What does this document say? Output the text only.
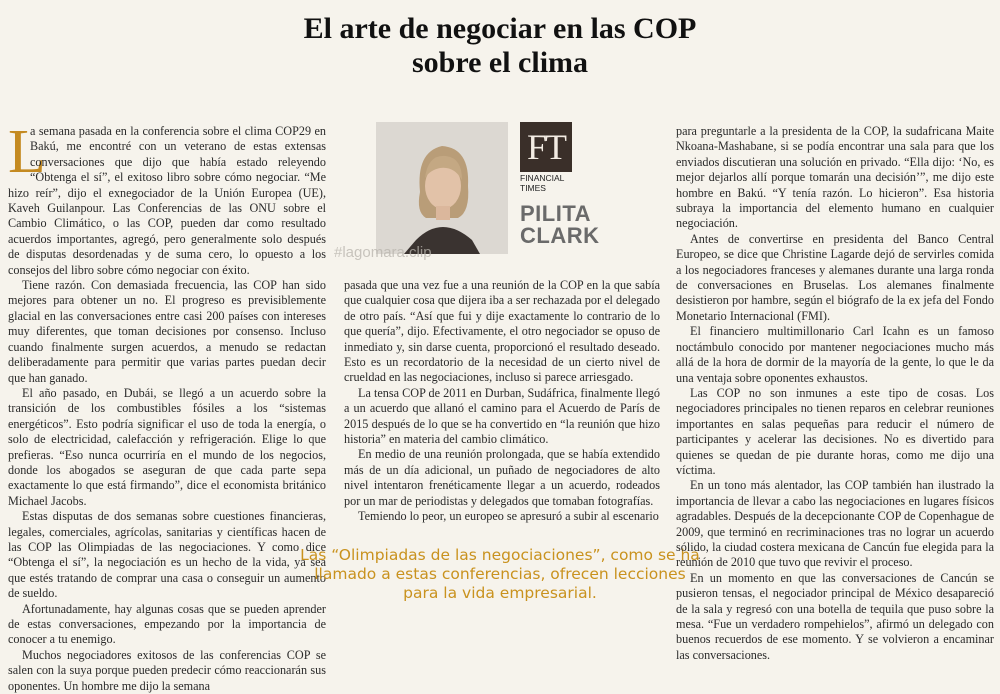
El arte de negociar en las COP
sobre el clima

L
a semana pasada en la conferencia sobre el clima COP29 en Bakú, me encontré con un veterano de estas extensas conversaciones que dijo que había estado releyendo “Obtenga el sí”, el exitoso libro sobre cómo negociar. “Me hizo reír”, dijo el exnegociador de la Unión Europea (UE), Kaveh Guilanpour. Las Conferencias de las ONU sobre el Cambio Climático, o las COP, pueden dar como resultado acuerdos importantes, agregó, pero generalmente solo después de disputas desordenadas y de suma cero, lo opuesto a los consejos del libro sobre cómo negociar con éxito.

Tiene razón. Con demasiada frecuencia, las COP han sido mejores para obtener un no. El progreso es previsiblemente glacial en las conversaciones entre casi 200 países con intereses muy diferentes, que toman decisiones por consenso. Incluso cuando finalmente surgen acuerdos, a menudo se redactan deliberadamente para permitir que varias partes puedan decir que han ganado.

El año pasado, en Dubái, se llegó a un acuerdo sobre la transición de los combustibles fósiles a los “sistemas energéticos”. Esto podría significar el uso de toda la energía, o solo de electricidad, calefacción y refrigeración. Elige lo que prefieras. “Eso nunca ocurriría en el mundo de los negocios, donde los abogados se aseguran de que cada parte sepa exactamente lo que está firmando”, dice el economista británico Michael Jacobs.

Estas disputas de dos semanas sobre cuestiones financieras, legales, comerciales, agrícolas, sanitarias y científicas hacen de las COP las Olimpiadas de las negociaciones. Y como dice “Obtenga el sí”, la negociación es un hecho de la vida, ya sea que estés tratando de comprar una casa o conseguir un aumento de sueldo.

Afortunadamente, hay algunas cosas que se pueden aprender de estas conversaciones, empezando por la importancia de conocer a tu enemigo.

Muchos negociadores exitosos de las conferencias COP se salen con la suya porque pueden predecir cómo reaccionarán sus oponentes. Un hombre me dijo la semana

FT
FINANCIAL
TIMES
PILITA
CLARK
#lagomara.clip

pasada que una vez fue a una reunión de la COP en la que sabía que cualquier cosa que dijera iba a ser rechazada por el delegado de otro país. “Así que fui y dije exactamente lo contrario de lo que quería”, dijo. Efectivamente, el otro negociador se opuso de inmediato y, sin darse cuenta, proporcionó el resultado deseado. Esto es un recordatorio de la necesidad de un cierto nivel de crueldad en las negociaciones, incluso si parece arriesgado.

La tensa COP de 2011 en Durban, Sudáfrica, finalmente llegó a un acuerdo que allanó el camino para el Acuerdo de París de 2015 después de lo que se ha convertido en “la reunión que hizo historia” en materia del cambio climático.

En medio de una reunión prolongada, que se había extendido más de un día adicional, un puñado de negociadores de alto nivel intentaron frenéticamente llegar a un acuerdo, rodeados por un mar de periodistas y delegados que tomaban fotografías.

Temiendo lo peor, un europeo se apresuró a subir al escenario

Las “Olimpiadas de las negociaciones”, como se ha llamado a estas conferencias, ofrecen lecciones para la vida empresarial.

para preguntarle a la presidenta de la COP, la sudafricana Maite Nkoana-Mashabane, si se podía encontrar una sala para que los enviados discutieran una solución en privado. “Ella dijo: ‘No, es mejor dejarlos allí porque tomarán una decisión’”, me dijo este hombre en Bakú. “Y tenía razón. Lo hicieron”. Esa historia subraya la importancia del elemento humano en cualquier negociación.

Antes de convertirse en presidenta del Banco Central Europeo, se dice que Christine Lagarde dejó de servirles comida a los negociadores franceses y alemanes durante una larga ronda de conversaciones en Bruselas. Los alemanes finalmente desistieron por hambre, según el biógrafo de la ex jefa del Fondo Monetario Internacional (FMI).

El financiero multimillonario Carl Icahn es un famoso noctámbulo conocido por mantener negociaciones mucho más allá de la hora de dormir de la mayoría de la gente, lo que le da una ventaja sobre oponentes exhaustos.

Las COP no son inmunes a este tipo de cosas. Los negociadores principales no tienen reparos en celebrar reuniones importantes en salas pequeñas para reducir el número de participantes y acelerar las decisiones. No es divertido para quienes se quedan de pie durante horas, como me dijo una víctima.

En un tono más alentador, las COP también han ilustrado la importancia de llevar a cabo las negociaciones en lugares físicos agradables. Después de la decepcionante COP de Copenhague de 2009, que terminó en recriminaciones tras no lograr un acuerdo sólido, la ciudad costera mexicana de Cancún fue elegida para la reunión de 2010 que tuvo que revivir el proceso.

En un momento en que las conversaciones de Cancún se pusieron tensas, el negociador principal de México desapareció de la sala y regresó con una botella de tequila que puso sobre la mesa. “Fue un verdadero rompehielos”, afirmó un delegado con buenos recuerdos de ese momento. Y se volvieron a encaminar las conversaciones.
